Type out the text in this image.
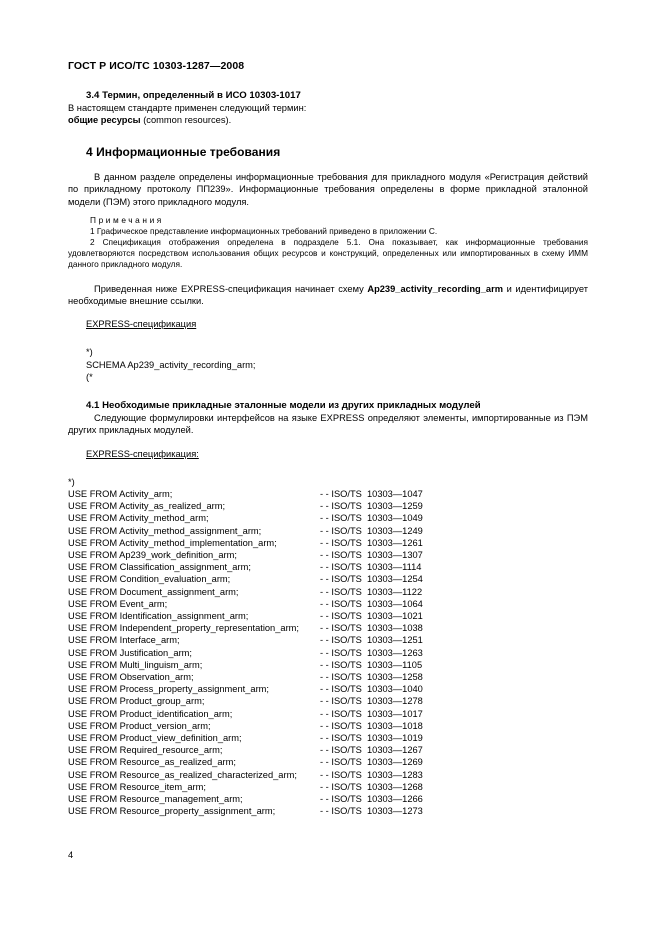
ГОСТ Р ИСО/ТС 10303-1287—2008
3.4 Термин, определенный в ИСО 10303-1017

В настоящем стандарте применен следующий термин:

общие ресурсы (common resources).

4 Информационные требования

В данном разделе определены информационные требования для прикладного модуля «Регистрация действий по прикладному протоколу ПП239». Информационные требования определены в форме прикладной эталонной модели (ПЭМ) этого прикладного модуля.

Примечания

1 Графическое представление информационных требований приведено в приложении С.

2 Спецификация отображения определена в подразделе 5.1. Она показывает, как информационные требования удовлетворяются посредством использования общих ресурсов и конструкций, определенных или импортированных в схему ИММ данного прикладного модуля.

Приведенная ниже EXPRESS-спецификация начинает схему Ap239_activity_recording_arm и идентифицирует необходимые внешние ссылки.

EXPRESS-спецификация
*)
SCHEMA Ap239_activity_recording_arm;
(*
4.1 Необходимые прикладные эталонные модели из других прикладных модулей

Следующие формулировки интерфейсов на языке EXPRESS определяют элементы, импортированные из ПЭМ других прикладных модулей.

EXPRESS-спецификация:
*)
USE FROM Activity_arm;	- - ISO/TS  10303—1047
USE FROM Activity_as_realized_arm;	- - ISO/TS  10303—1259
USE FROM Activity_method_arm;	- - ISO/TS  10303—1049
USE FROM Activity_method_assignment_arm;	- - ISO/TS  10303—1249
USE FROM Activity_method_implementation_arm;	- - ISO/TS  10303—1261
USE FROM Ap239_work_definition_arm;	- - ISO/TS  10303—1307
USE FROM Classification_assignment_arm;	- - ISO/TS  10303—1114
USE FROM Condition_evaluation_arm;	- - ISO/TS  10303—1254
USE FROM Document_assignment_arm;	- - ISO/TS  10303—1122
USE FROM Event_arm;	- - ISO/TS  10303—1064
USE FROM Identification_assignment_arm;	- - ISO/TS  10303—1021
USE FROM Independent_property_representation_arm;	- - ISO/TS  10303—1038
USE FROM Interface_arm;	- - ISO/TS  10303—1251
USE FROM Justification_arm;	- - ISO/TS  10303—1263
USE FROM Multi_linguism_arm;	- - ISO/TS  10303—1105
USE FROM Observation_arm;	- - ISO/TS  10303—1258
USE FROM Process_property_assignment_arm;	- - ISO/TS  10303—1040
USE FROM Product_group_arm;	- - ISO/TS  10303—1278
USE FROM Product_identification_arm;	- - ISO/TS  10303—1017
USE FROM Product_version_arm;	- - ISO/TS  10303—1018
USE FROM Product_view_definition_arm;	- - ISO/TS  10303—1019
USE FROM Required_resource_arm;	- - ISO/TS  10303—1267
USE FROM Resource_as_realized_arm;	- - ISO/TS  10303—1269
USE FROM Resource_as_realized_characterized_arm;	- - ISO/TS  10303—1283
USE FROM Resource_item_arm;	- - ISO/TS  10303—1268
USE FROM Resource_management_arm;	- - ISO/TS  10303—1266
USE FROM Resource_property_assignment_arm;	- - ISO/TS  10303—1273
4
